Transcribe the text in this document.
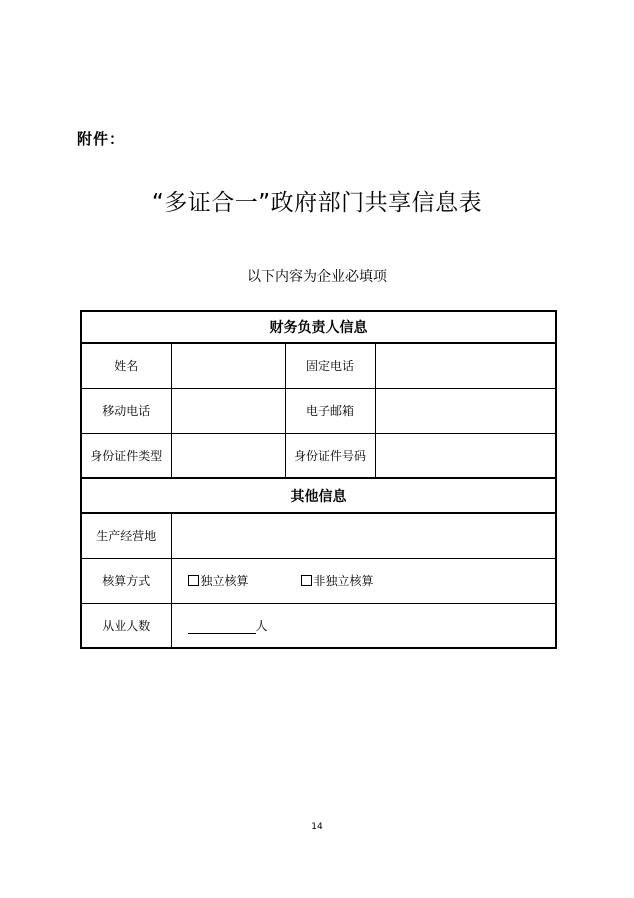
附件：
“多证合一”政府部门共享信息表
以下内容为企业必填项
财务负责人信息			
姓名		固定电话	
移动电话		电子邮箱	
身份证件类型		身份证件号码	
其他信息			
生产经营地			
核算方式	独立核算 非独立核算		
从业人数	人		
14
